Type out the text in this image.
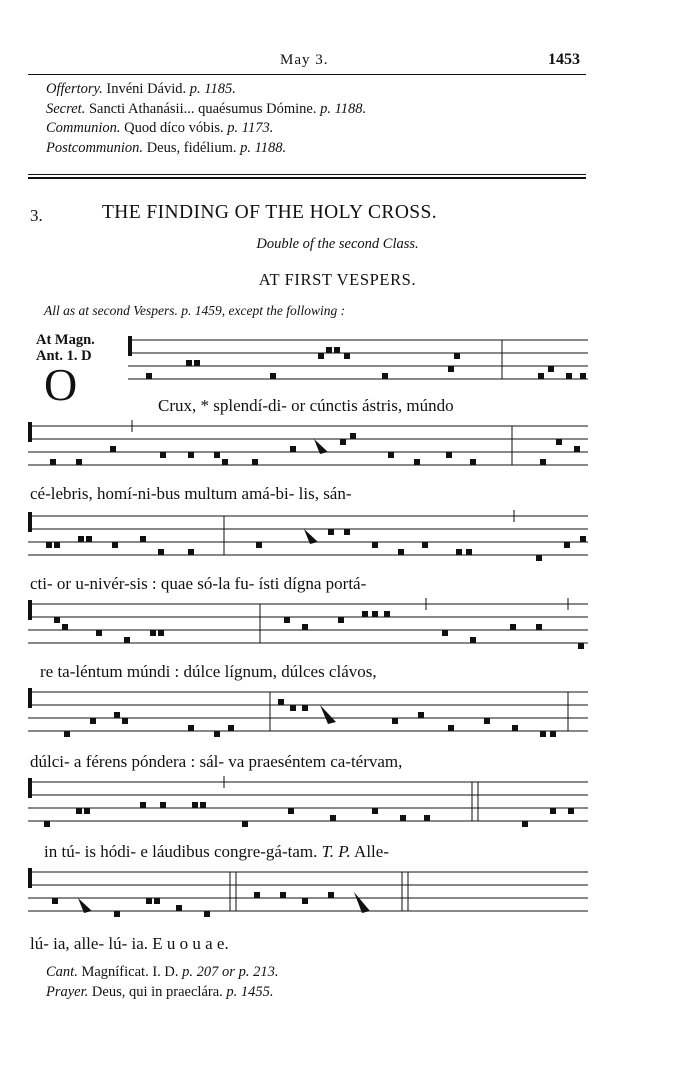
May 3.	1453
Offertory. Invéni Dávid. p. 1185.
Secret. Sancti Athanásii... quaésumus Dómine. p. 1188.
Communion. Quod díco vóbis. p. 1173.
Postcommunion. Deus, fidélium. p. 1188.
3.	THE FINDING OF THE HOLY CROSS.
Double of the second Class.
AT FIRST VESPERS.
All as at second Vespers. p. 1459, except the following :
At Magn.
Ant. 1. D
O	Crux, * splendí-di- or cúnctis ástris, múndo
cé-lebris, homí-ni-bus multum amá-bi- lis, sán-
cti- or u-nivér-sis : quae só-la fu- ísti dígna portá-
re ta-léntum múndi : dúlce lígnum, dúlces clávos,
dúlci- a férens póndera : sál- va praeséntem ca-térvam,
in tú- is hódi- e láudibus congre-gá-tam. T. P. Alle-
lú- ia, alle- lú- ia. E u o u a e.
Cant. Magníficat. I. D. p. 207 or p. 213.
Prayer. Deus, qui in praeclára. p. 1455.
